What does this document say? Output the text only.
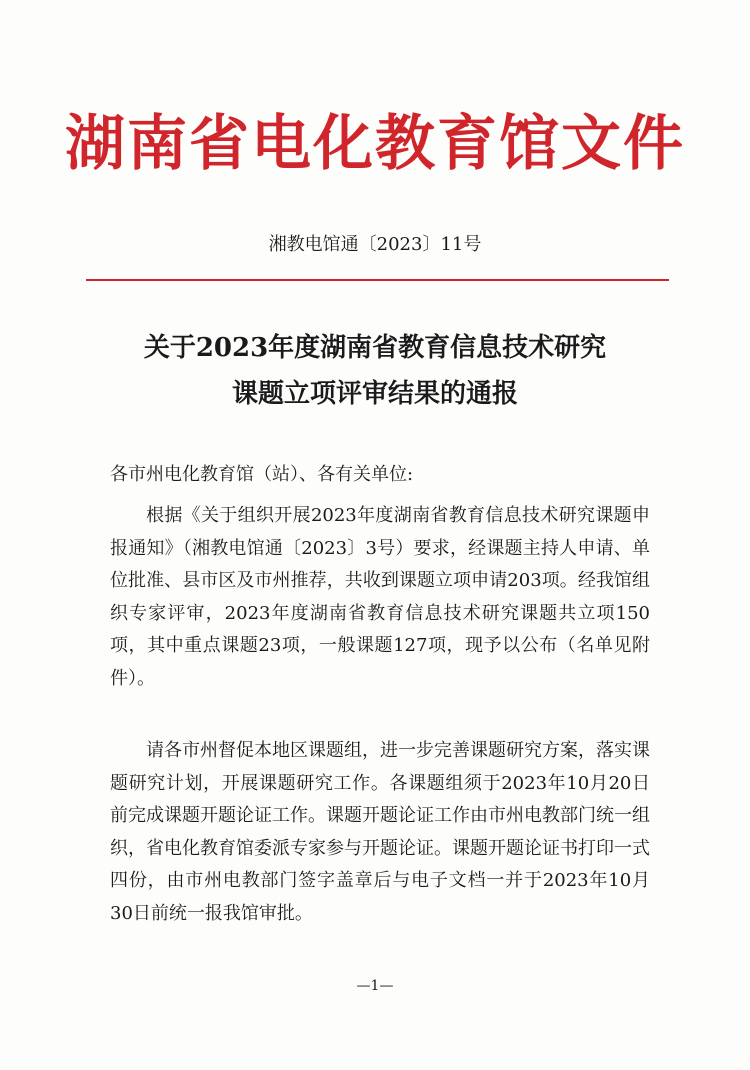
湖南省电化教育馆文件
湘教电馆通〔2023〕11号
关于2023年度湖南省教育信息技术研究
课题立项评审结果的通报
各市州电化教育馆（站）、各有关单位:
根据《关于组织开展2023年度湖南省教育信息技术研究课题申报通知》（湘教电馆通〔2023〕3号）要求，经课题主持人申请、单位批准、县市区及市州推荐，共收到课题立项申请203项。经我馆组织专家评审，2023年度湖南省教育信息技术研究课题共立项150项，其中重点课题23项，一般课题127项，现予以公布（名单见附件）。
请各市州督促本地区课题组，进一步完善课题研究方案，落实课题研究计划，开展课题研究工作。各课题组须于2023年10月20日前完成课题开题论证工作。课题开题论证工作由市州电教部门统一组织，省电化教育馆委派专家参与开题论证。课题开题论证书打印一式四份，由市州电教部门签字盖章后与电子文档一并于2023年10月30日前统一报我馆审批。
—1—
